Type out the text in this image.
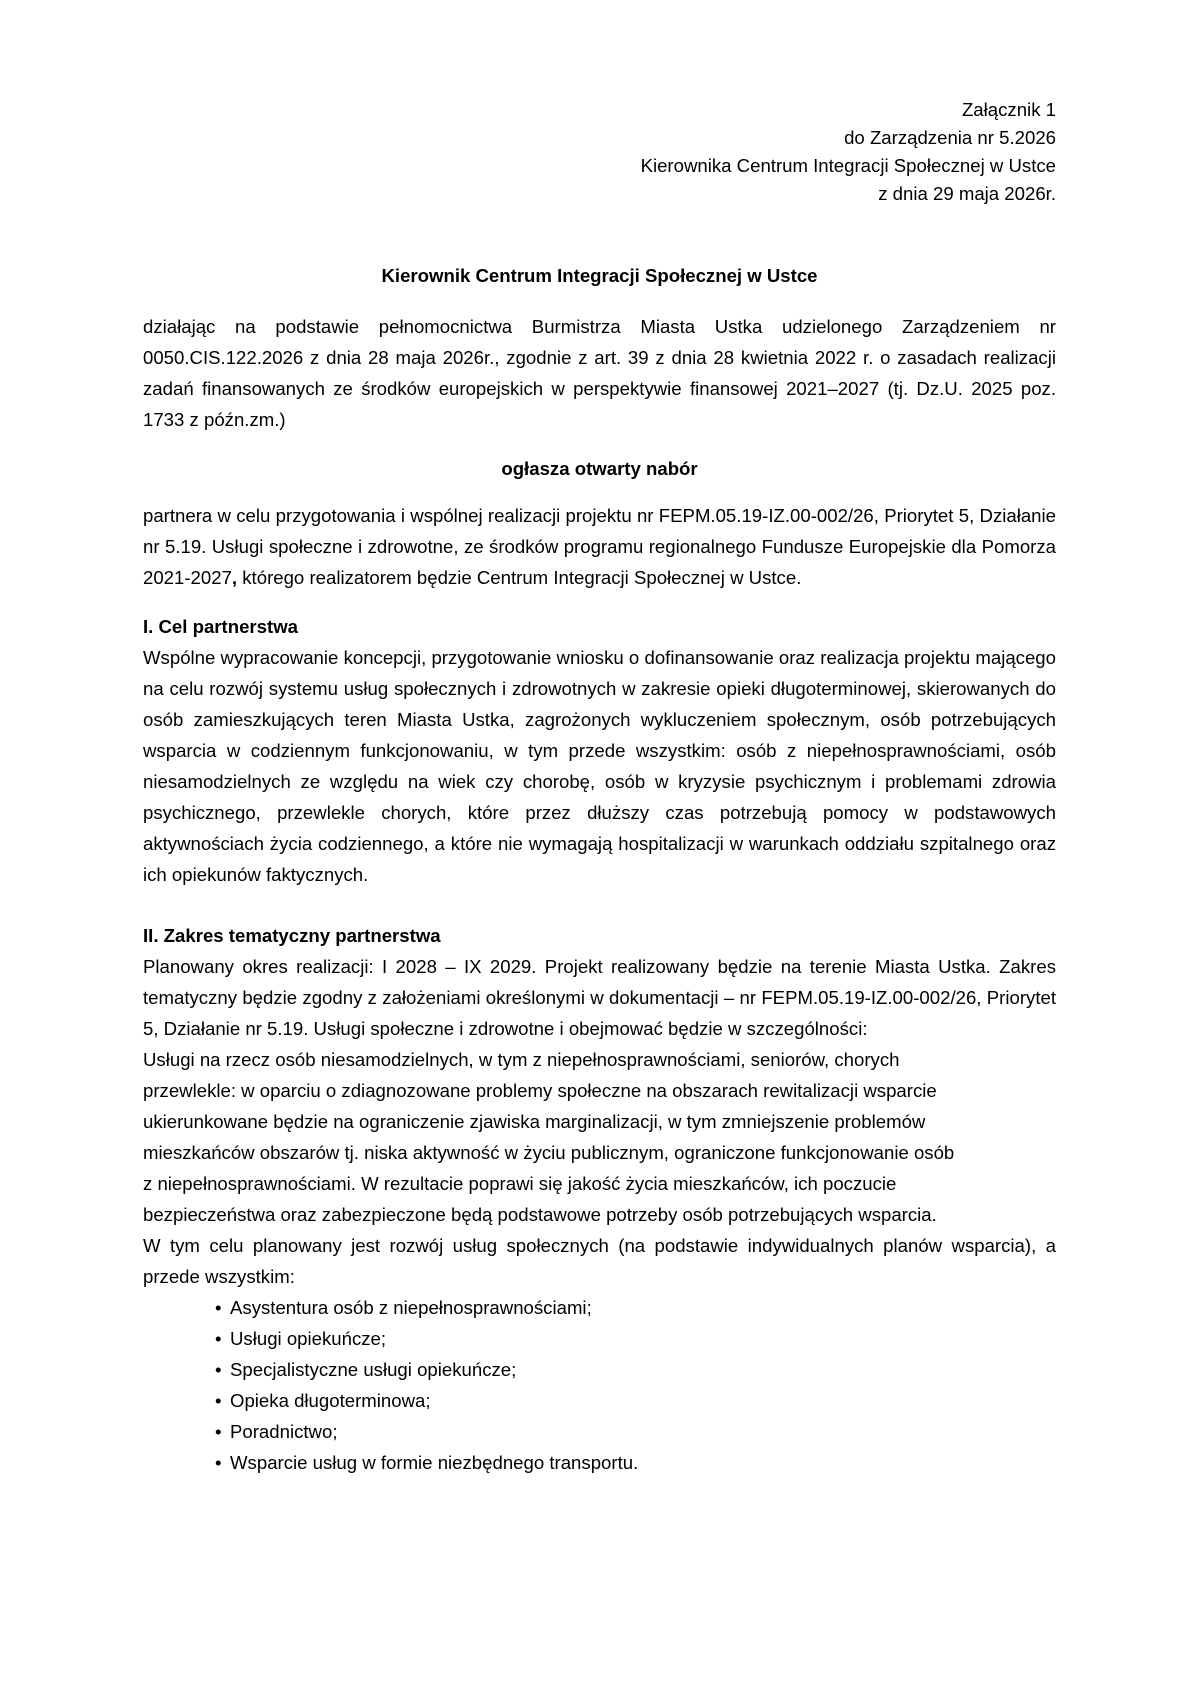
Załącznik 1
do Zarządzenia nr 5.2026
Kierownika Centrum Integracji Społecznej w Ustce
z dnia 29 maja 2026r.
Kierownik Centrum Integracji Społecznej w Ustce
działając na podstawie pełnomocnictwa Burmistrza Miasta Ustka udzielonego Zarządzeniem nr 0050.CIS.122.2026 z dnia 28 maja 2026r., zgodnie z art. 39 z dnia 28 kwietnia 2022 r. o zasadach realizacji zadań finansowanych ze środków europejskich w perspektywie finansowej 2021–2027 (tj. Dz.U. 2025 poz. 1733 z późn.zm.)
ogłasza otwarty nabór
partnera w celu przygotowania i wspólnej realizacji projektu nr FEPM.05.19-IZ.00-002/26, Priorytet 5, Działanie nr 5.19. Usługi społeczne i zdrowotne, ze środków programu regionalnego Fundusze Europejskie dla Pomorza 2021-2027, którego realizatorem będzie Centrum Integracji Społecznej w Ustce.
I. Cel partnerstwa
Wspólne wypracowanie koncepcji, przygotowanie wniosku o dofinansowanie oraz realizacja projektu mającego na celu rozwój systemu usług społecznych i zdrowotnych w zakresie opieki długoterminowej, skierowanych do osób zamieszkujących teren Miasta Ustka, zagrożonych wykluczeniem społecznym, osób potrzebujących wsparcia w codziennym funkcjonowaniu, w tym przede wszystkim: osób z niepełnosprawnościami, osób niesamodzielnych ze względu na wiek czy chorobę, osób w kryzysie psychicznym i problemami zdrowia psychicznego, przewlekle chorych, które przez dłuższy czas potrzebują pomocy w podstawowych aktywnościach życia codziennego, a które nie wymagają hospitalizacji w warunkach oddziału szpitalnego oraz ich opiekunów faktycznych.
II. Zakres tematyczny partnerstwa
Planowany okres realizacji: I 2028 – IX 2029. Projekt realizowany będzie na terenie Miasta Ustka. Zakres tematyczny będzie zgodny z założeniami określonymi w dokumentacji – nr FEPM.05.19-IZ.00-002/26, Priorytet 5, Działanie nr 5.19. Usługi społeczne i zdrowotne i obejmować będzie w szczególności:
Usługi na rzecz osób niesamodzielnych, w tym z niepełnosprawnościami, seniorów, chorych
przewlekle: w oparciu o zdiagnozowane problemy społeczne na obszarach rewitalizacji wsparcie
ukierunkowane będzie na ograniczenie zjawiska marginalizacji, w tym zmniejszenie problemów
mieszkańców obszarów tj. niska aktywność w życiu publicznym, ograniczone funkcjonowanie osób
z niepełnosprawnościami. W rezultacie poprawi się jakość życia mieszkańców, ich poczucie
bezpieczeństwa oraz zabezpieczone będą podstawowe potrzeby osób potrzebujących wsparcia.
W tym celu planowany jest rozwój usług społecznych (na podstawie indywidualnych planów wsparcia), a przede wszystkim:
• Asystentura osób z niepełnosprawnościami;
• Usługi opiekuńcze;
• Specjalistyczne usługi opiekuńcze;
• Opieka długoterminowa;
• Poradnictwo;
• Wsparcie usług w formie niezbędnego transportu.
